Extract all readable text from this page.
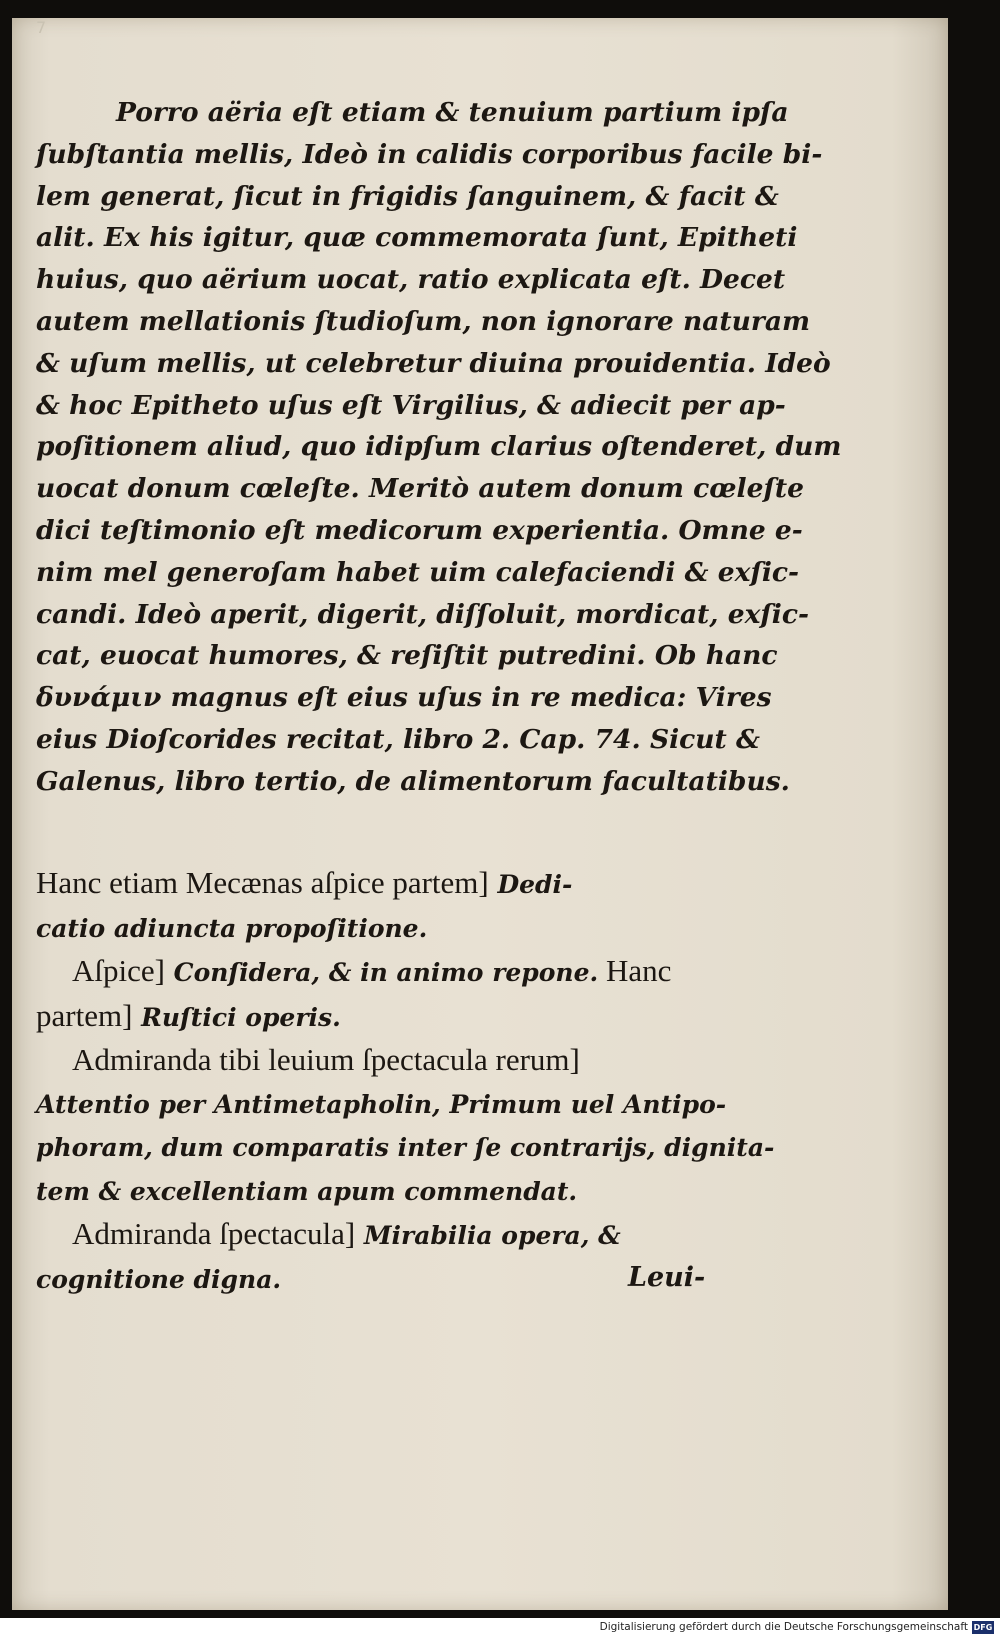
7

Porro aëria eſt etiam & tenuium partium ipſa
ſubſtantia mellis, Ideò in calidis corporibus facile bi-
lem generat, ſicut in frigidis ſanguinem, & facit &
alit. Ex his igitur, quæ commemorata ſunt, Epitheti
huius, quo aërium uocat, ratio explicata eſt. Decet
autem mellationis ſtudioſum, non ignorare naturam
& uſum mellis, ut celebretur diuina prouidentia. Ideò
& hoc Epitheto uſus eſt Virgilius, & adiecit per ap-
poſitionem aliud, quo idipſum clarius oſtenderet, dum
uocat donum cœleſte. Meritò autem donum cœleſte
dici teſtimonio eſt medicorum experientia. Omne e-
nim mel generoſam habet uim calefaciendi & exſic-
candi. Ideò aperit, digerit, diſſoluit, mordicat, exſic-
cat, euocat humores, & reſiſtit putredini. Ob hanc
δυνάμιν magnus eſt eius uſus in re medica: Vires
eius Dioſcorides recitat, libro 2. Cap. 74. Sicut &
Galenus, libro tertio, de alimentorum facultatibus.

Hanc etiam Mecænas aſpice partem] Dedi-
catio adiuncta propoſitione.
Aſpice] Conſidera, & in animo repone. Hanc
partem] Ruſtici operis.
Admiranda tibi leuium ſpectacula rerum]
Attentio per Antimetapholin, Primum uel Antipo-
phoram, dum comparatis inter ſe contrarijs, dignita-
tem & excellentiam apum commendat.
Admiranda ſpectacula] Mirabilia opera, &
cognitione digna.	Leui-
Digitalisierung gefördert durch die Deutsche Forschungsgemeinschaft DFG
